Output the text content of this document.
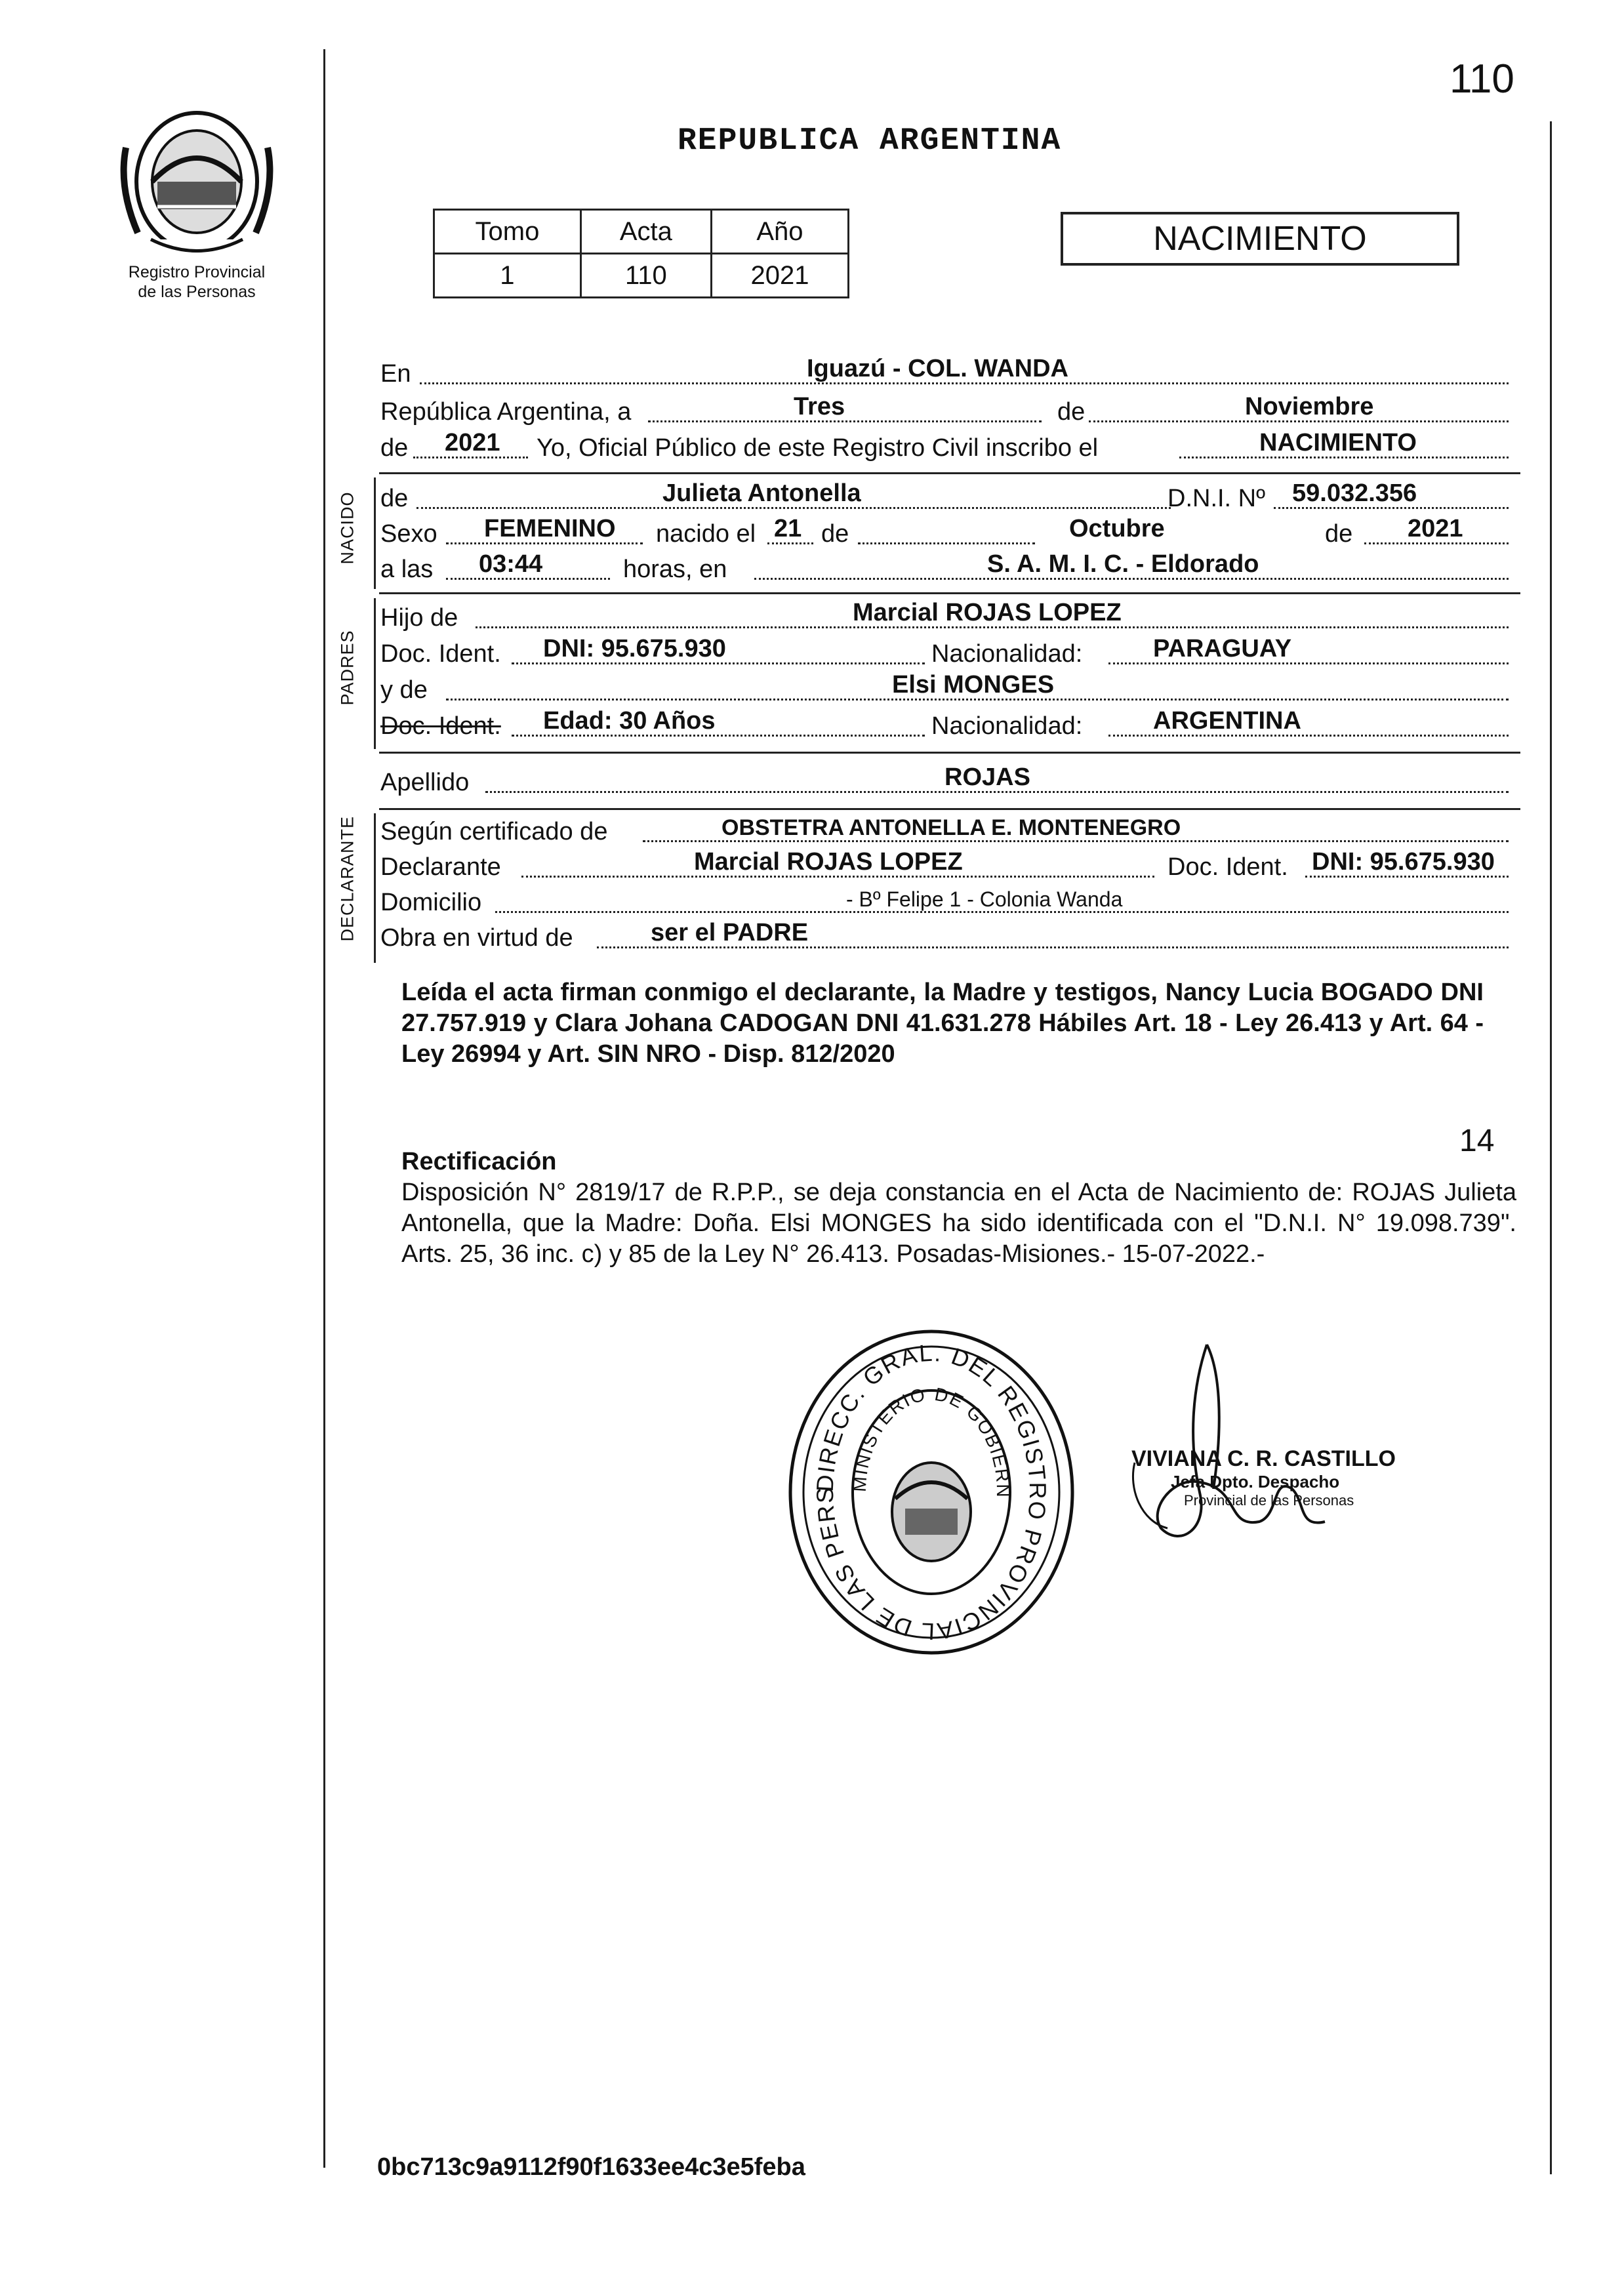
110
Registro Provincial
de las Personas
REPUBLICA ARGENTINA
Tomo	Acta	Año
1	110	2021
NACIMIENTO
En	Iguazú - COL. WANDA
República Argentina, a	Tres	de	Noviembre
de 2021 Yo, Oficial Público de este Registro Civil inscribo el	NACIMIENTO
NACIDO de	Julieta Antonella	D.N.I. Nº 59.032.356
Sexo FEMENINO nacido el 21 de	Octubre	de 2021
a las 03:44	horas, en	S. A. M. I. C. - Eldorado
PADRES
Hijo de	Marcial ROJAS LOPEZ
Doc. Ident. DNI: 95.675.930	Nacionalidad:	PARAGUAY
y de	Elsi MONGES
Doc. Ident. Edad: 30 Años	Nacionalidad:	ARGENTINA
Apellido	ROJAS
DECLARANTE Según certificado de	OBSTETRA ANTONELLA E. MONTENEGRO
Declarante	Marcial ROJAS LOPEZ	Doc. Ident. DNI: 95.675.930
Domicilio	- Bº Felipe 1 - Colonia Wanda
Obra en virtud de	ser el PADRE
Leída el acta firman conmigo el declarante, la Madre y testigos, Nancy Lucia BOGADO DNI 27.757.919 y Clara Johana CADOGAN DNI 41.631.278 Hábiles Art. 18 - Ley 26.413 y Art. 64 - Ley 26994 y Art. SIN NRO - Disp. 812/2020
14
Rectificación
Disposición N° 2819/17 de R.P.P., se deja constancia en el Acta de Nacimiento de: ROJAS Julieta Antonella, que la Madre: Doña. Elsi MONGES ha sido identificada con el "D.N.I. N° 19.098.739". Arts. 25, 36 inc. c) y 85 de la Ley N° 26.413. Posadas-Misiones.- 15-07-2022.-
DIRECC. GRAL. DEL REGISTRO PROVINCIAL DE LAS PERS
MINISTERIO DE GOBIERN
VIVIANA C. R. CASTILLO
Jefa Dpto. Despacho
Provincial de las Personas
0bc713c9a9112f90f1633ee4c3e5feba
